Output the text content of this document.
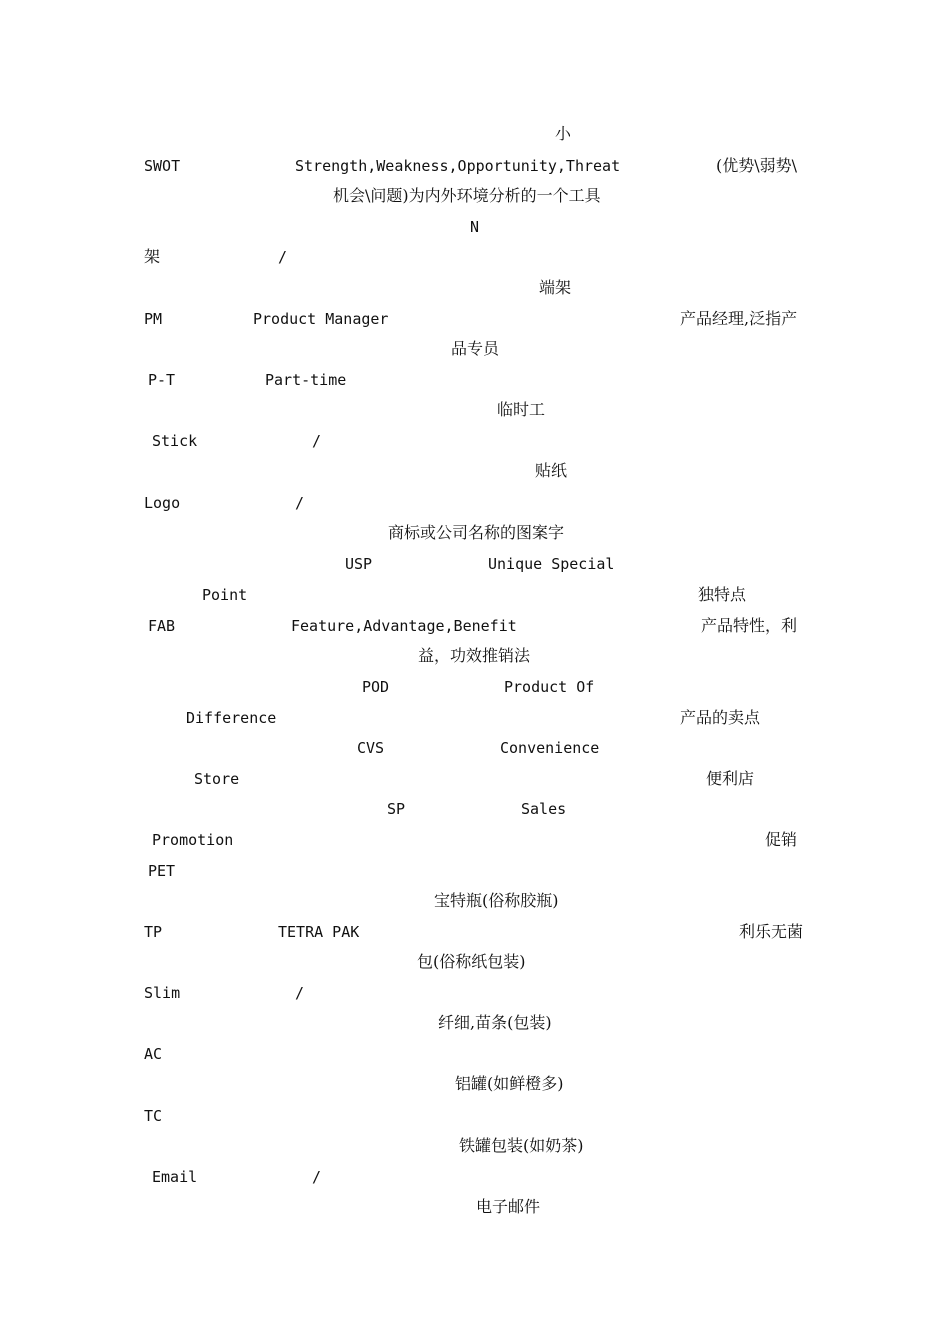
小
SWOT	Strength,Weakness,Opportunity,Threat	(优势\弱势\
机会\问题)为内外环境分析的一个工具
N
架	/
端架
PM	Product Manager	产品经理,泛指产
品专员
P-T	Part-time
临时工
Stick	/
贴纸
Logo	/
商标或公司名称的图案字
USP	Unique Special
Point	独特点
FAB	Feature,Advantage,Benefit	产品特性，利
益，功效推销法
POD	Product Of
Difference	产品的卖点
CVS	Convenience
Store	便利店
SP	Sales
Promotion	促销
PET
宝特瓶(俗称胶瓶)
TP	TETRA PAK	利乐无菌
包(俗称纸包装)
Slim	/
纤细,苗条(包装)
AC
铝罐(如鲜橙多)
TC
铁罐包装(如奶茶)
Email	/
电子邮件
